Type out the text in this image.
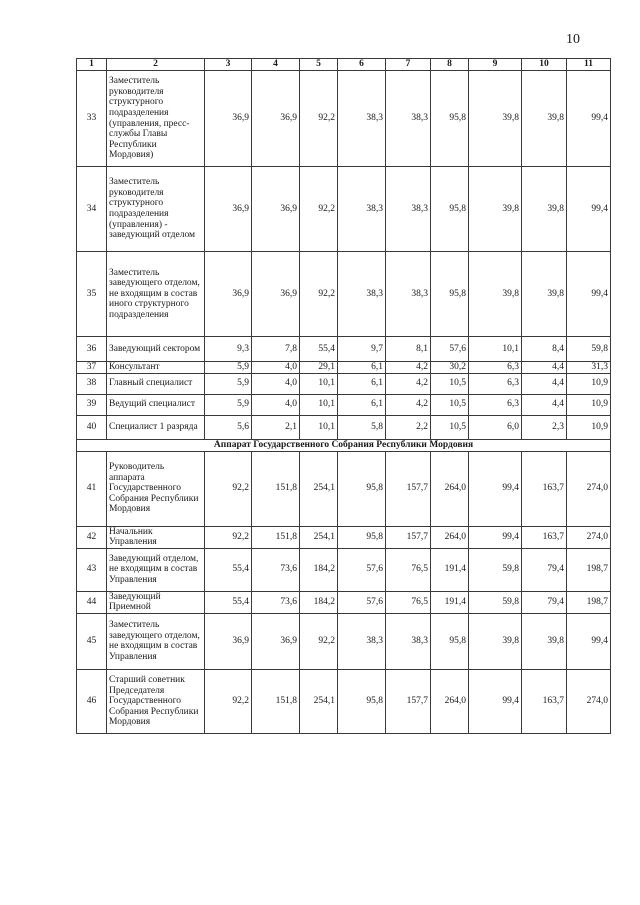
10
1	2	3	4	5	6	7	8	9	10	11
33	Заместитель руководителя структурного подразделения (управления, пресс-службы Главы Республики Мордовия)	36,9	36,9	92,2	38,3	38,3	95,8	39,8	39,8	99,4
34	Заместитель руководителя структурного подразделения (управления) - заведующий отделом	36,9	36,9	92,2	38,3	38,3	95,8	39,8	39,8	99,4
35	Заместитель заведующего отделом, не входящим в состав иного структурного подразделения	36,9	36,9	92,2	38,3	38,3	95,8	39,8	39,8	99,4
36	Заведующий сектором	9,3	7,8	55,4	9,7	8,1	57,6	10,1	8,4	59,8
37	Консультант	5,9	4,0	29,1	6,1	4,2	30,2	6,3	4,4	31,3
38	Главный специалист	5,9	4,0	10,1	6,1	4,2	10,5	6,3	4,4	10,9
39	Ведущий специалист	5,9	4,0	10,1	6,1	4,2	10,5	6,3	4,4	10,9
40	Специалист 1 разряда	5,6	2,1	10,1	5,8	2,2	10,5	6,0	2,3	10,9
Аппарат Государственного Собрания Республики Мордовия										
41	Руководитель аппарата Государственного Собрания Республики Мордовия	92,2	151,8	254,1	95,8	157,7	264,0	99,4	163,7	274,0
42	Начальник Управления	92,2	151,8	254,1	95,8	157,7	264,0	99,4	163,7	274,0
43	Заведующий отделом, не входящим в состав Управления	55,4	73,6	184,2	57,6	76,5	191,4	59,8	79,4	198,7
44	Заведующий Приемной	55,4	73,6	184,2	57,6	76,5	191,4	59,8	79,4	198,7
45	Заместитель заведующего отделом, не входящим в состав Управления	36,9	36,9	92,2	38,3	38,3	95,8	39,8	39,8	99,4
46	Старший советник Председателя Государственного Собрания Республики Мордовия	92,2	151,8	254,1	95,8	157,7	264,0	99,4	163,7	274,0
